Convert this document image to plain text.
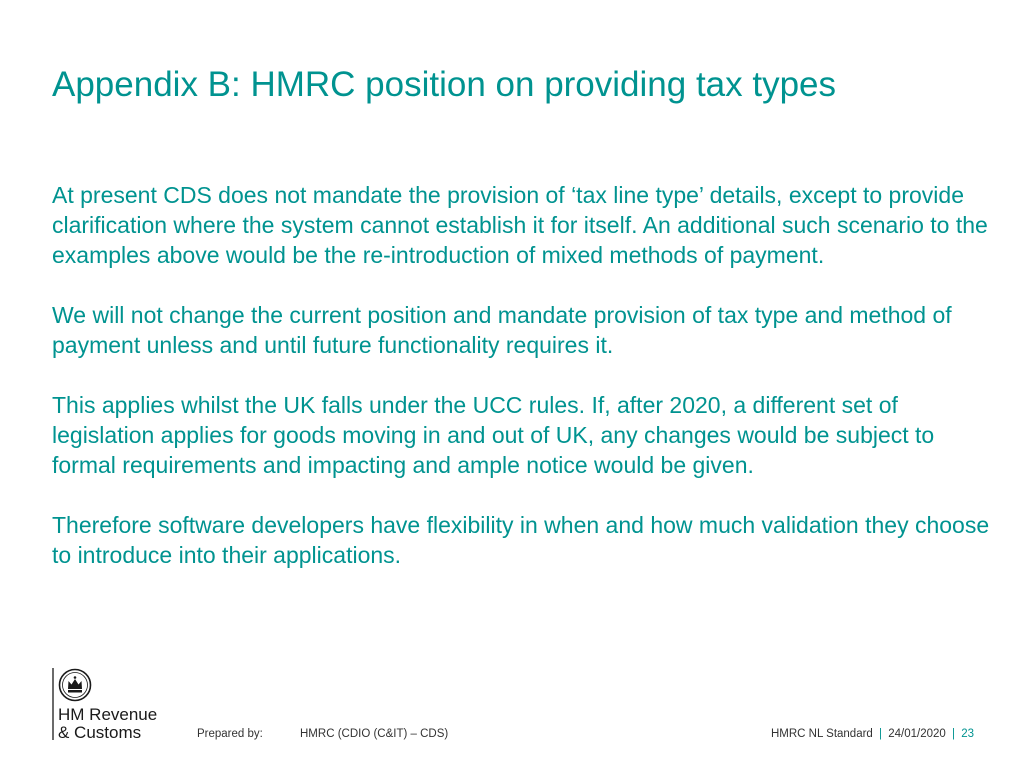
Appendix B: HMRC position on providing tax types

At present CDS does not mandate the provision of ‘tax line type’ details, except to provide clarification where the system cannot establish it for itself. An additional such scenario to the examples above would be the re-introduction of mixed methods of payment.

We will not change the current position and mandate provision of tax type and method of payment unless and until future functionality requires it.

This applies whilst the UK falls under the UCC rules. If, after 2020, a different set of legislation applies for goods moving in and out of UK, any changes would be subject to formal requirements and impacting and ample notice would be given.

Therefore software developers have flexibility in when and how much validation they choose to introduce into their applications.

HM Revenue
& Customs	Prepared by:	HMRC (CDIO (C&IT) – CDS)	HMRC NL Standard | 24/01/2020 | 23
